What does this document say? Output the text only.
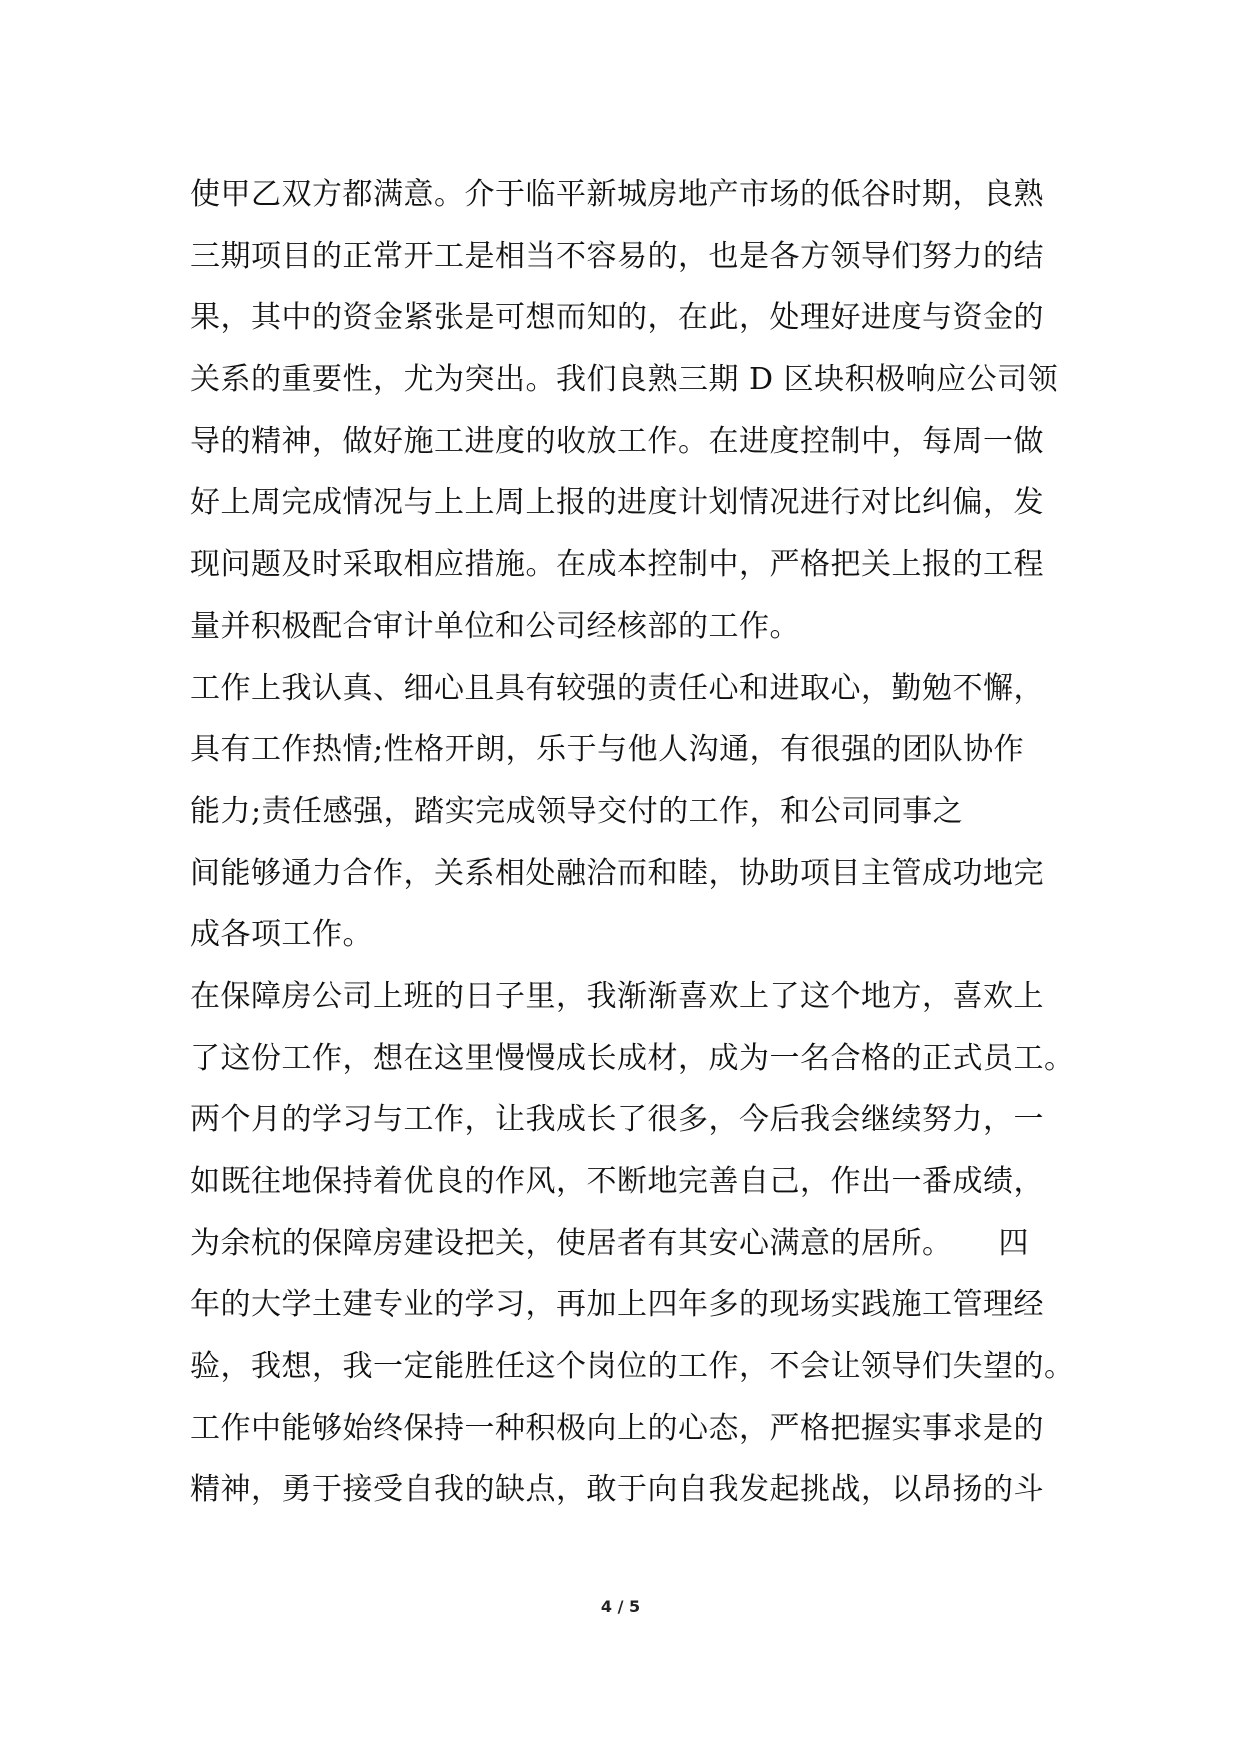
使甲乙双方都满意。介于临平新城房地产市场的低谷时期，良熟
三期项目的正常开工是相当不容易的，也是各方领导们努力的结
果，其中的资金紧张是可想而知的，在此，处理好进度与资金的
关系的重要性，尤为突出。我们良熟三期 D 区块积极响应公司领
导的精神，做好施工进度的收放工作。在进度控制中，每周一做
好上周完成情况与上上周上报的进度计划情况进行对比纠偏，发
现问题及时采取相应措施。在成本控制中，严格把关上报的工程
量并积极配合审计单位和公司经核部的工作。
工作上我认真、细心且具有较强的责任心和进取心，勤勉不懈，
具有工作热情;性格开朗，乐于与他人沟通，有很强的团队协作
能力;责任感强，踏实完成领导交付的工作，和公司同事之
间能够通力合作，关系相处融洽而和睦，协助项目主管成功地完
成各项工作。
在保障房公司上班的日子里，我渐渐喜欢上了这个地方，喜欢上
了这份工作，想在这里慢慢成长成材，成为一名合格的正式员工。
两个月的学习与工作，让我成长了很多，今后我会继续努力，一
如既往地保持着优良的作风，不断地完善自己，作出一番成绩，
为余杭的保障房建设把关，使居者有其安心满意的居所。　　四
年的大学土建专业的学习，再加上四年多的现场实践施工管理经
验，我想，我一定能胜任这个岗位的工作，不会让领导们失望的。
工作中能够始终保持一种积极向上的心态，严格把握实事求是的
精神，勇于接受自我的缺点，敢于向自我发起挑战，以昂扬的斗
4 / 5
